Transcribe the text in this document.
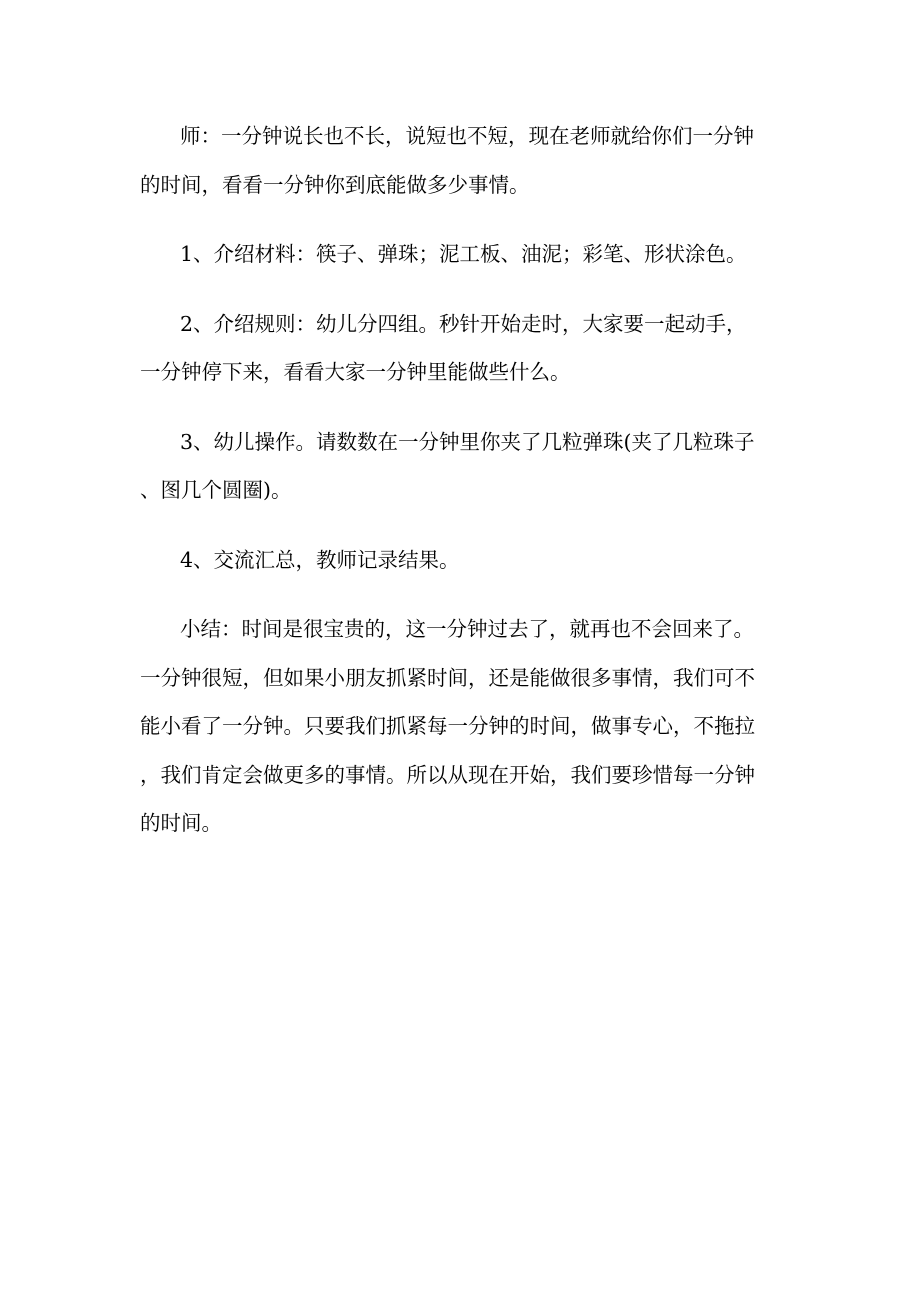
师：一分钟说长也不长，说短也不短，现在老师就给你们一分钟
的时间，看看一分钟你到底能做多少事情。
1、介绍材料：筷子、弹珠；泥工板、油泥；彩笔、形状涂色。
2、介绍规则：幼儿分四组。秒针开始走时，大家要一起动手，
一分钟停下来，看看大家一分钟里能做些什么。
3、幼儿操作。请数数在一分钟里你夹了几粒弹珠(夹了几粒珠子
、图几个圆圈)。
4、交流汇总，教师记录结果。
小结：时间是很宝贵的，这一分钟过去了，就再也不会回来了。
一分钟很短，但如果小朋友抓紧时间，还是能做很多事情，我们可不
能小看了一分钟。只要我们抓紧每一分钟的时间，做事专心，不拖拉
，我们肯定会做更多的事情。所以从现在开始，我们要珍惜每一分钟
的时间。
